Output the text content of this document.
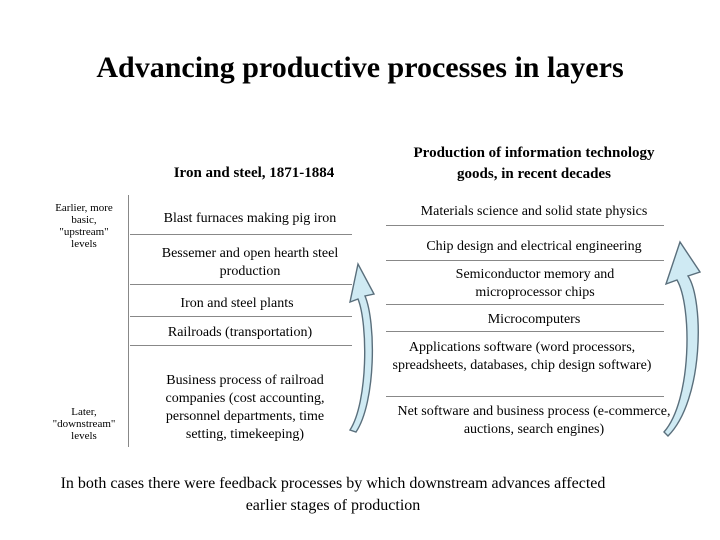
Advancing productive processes in layers
Earlier, more basic, "upstream" levels
Later, "downstream" levels
Iron and steel, 1871-1884
Blast furnaces making pig iron
Bessemer and open hearth steel production
Iron and steel plants
Railroads (transportation)
Business process of railroad companies (cost accounting, personnel departments, time setting, timekeeping)
Production of information technology goods, in recent decades
Materials science and solid state physics
Chip design and electrical engineering
Semiconductor memory and microprocessor chips
Microcomputers
Applications software (word processors, spreadsheets, databases, chip design software)
Net software and business process (e-commerce, auctions, search engines)
In both cases there were feedback processes by which downstream advances affected earlier stages of production
